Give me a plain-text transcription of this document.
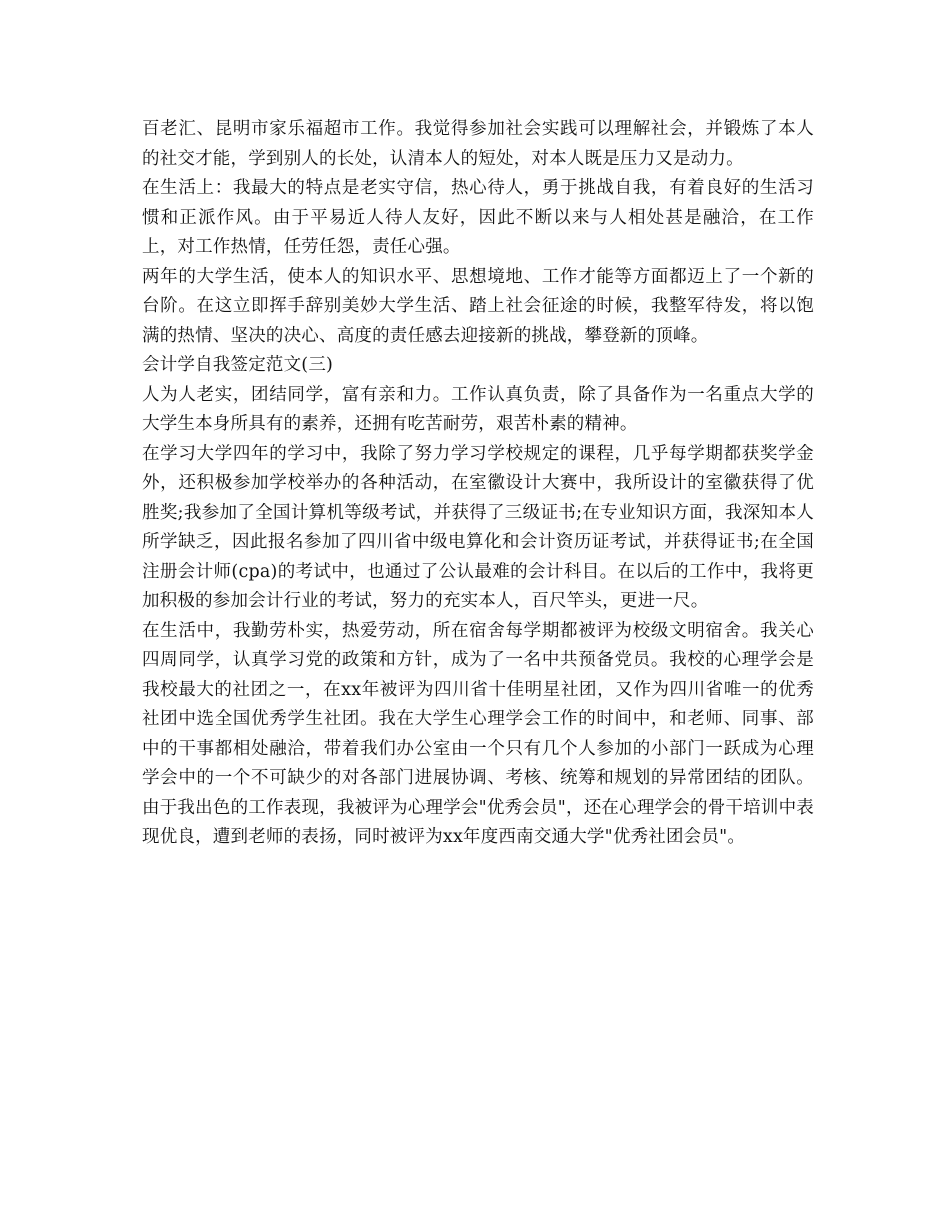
百老汇、昆明市家乐福超市工作。我觉得参加社会实践可以理解社会，并锻炼了本人的社交才能，学到别人的长处，认清本人的短处，对本人既是压力又是动力。

在生活上：我最大的特点是老实守信，热心待人，勇于挑战自我，有着良好的生活习惯和正派作风。由于平易近人待人友好，因此不断以来与人相处甚是融洽，在工作上，对工作热情，任劳任怨，责任心强。

两年的大学生活，使本人的知识水平、思想境地、工作才能等方面都迈上了一个新的台阶。在这立即挥手辞别美妙大学生活、踏上社会征途的时候，我整军待发，将以饱满的热情、坚决的决心、高度的责任感去迎接新的挑战，攀登新的顶峰。

会计学自我签定范文(三)

人为人老实，团结同学，富有亲和力。工作认真负责，除了具备作为一名重点大学的大学生本身所具有的素养，还拥有吃苦耐劳，艰苦朴素的精神。

在学习大学四年的学习中，我除了努力学习学校规定的课程，几乎每学期都获奖学金外，还积极参加学校举办的各种活动，在室徽设计大赛中，我所设计的室徽获得了优胜奖;我参加了全国计算机等级考试，并获得了三级证书;在专业知识方面，我深知本人所学缺乏，因此报名参加了四川省中级电算化和会计资历证考试，并获得证书;在全国注册会计师(cpa)的考试中，也通过了公认最难的会计科目。在以后的工作中，我将更加积极的参加会计行业的考试，努力的充实本人，百尺竿头，更进一尺。

在生活中，我勤劳朴实，热爱劳动，所在宿舍每学期都被评为校级文明宿舍。我关心四周同学，认真学习党的政策和方针，成为了一名中共预备党员。我校的心理学会是我校最大的社团之一，在xx年被评为四川省十佳明星社团，又作为四川省唯一的优秀社团中选全国优秀学生社团。我在大学生心理学会工作的时间中，和老师、同事、部中的干事都相处融洽，带着我们办公室由一个只有几个人参加的小部门一跃成为心理学会中的一个不可缺少的对各部门进展协调、考核、统筹和规划的异常团结的团队。由于我出色的工作表现，我被评为心理学会"优秀会员"，还在心理学会的骨干培训中表现优良，遭到老师的表扬，同时被评为xx年度西南交通大学"优秀社团会员"。
